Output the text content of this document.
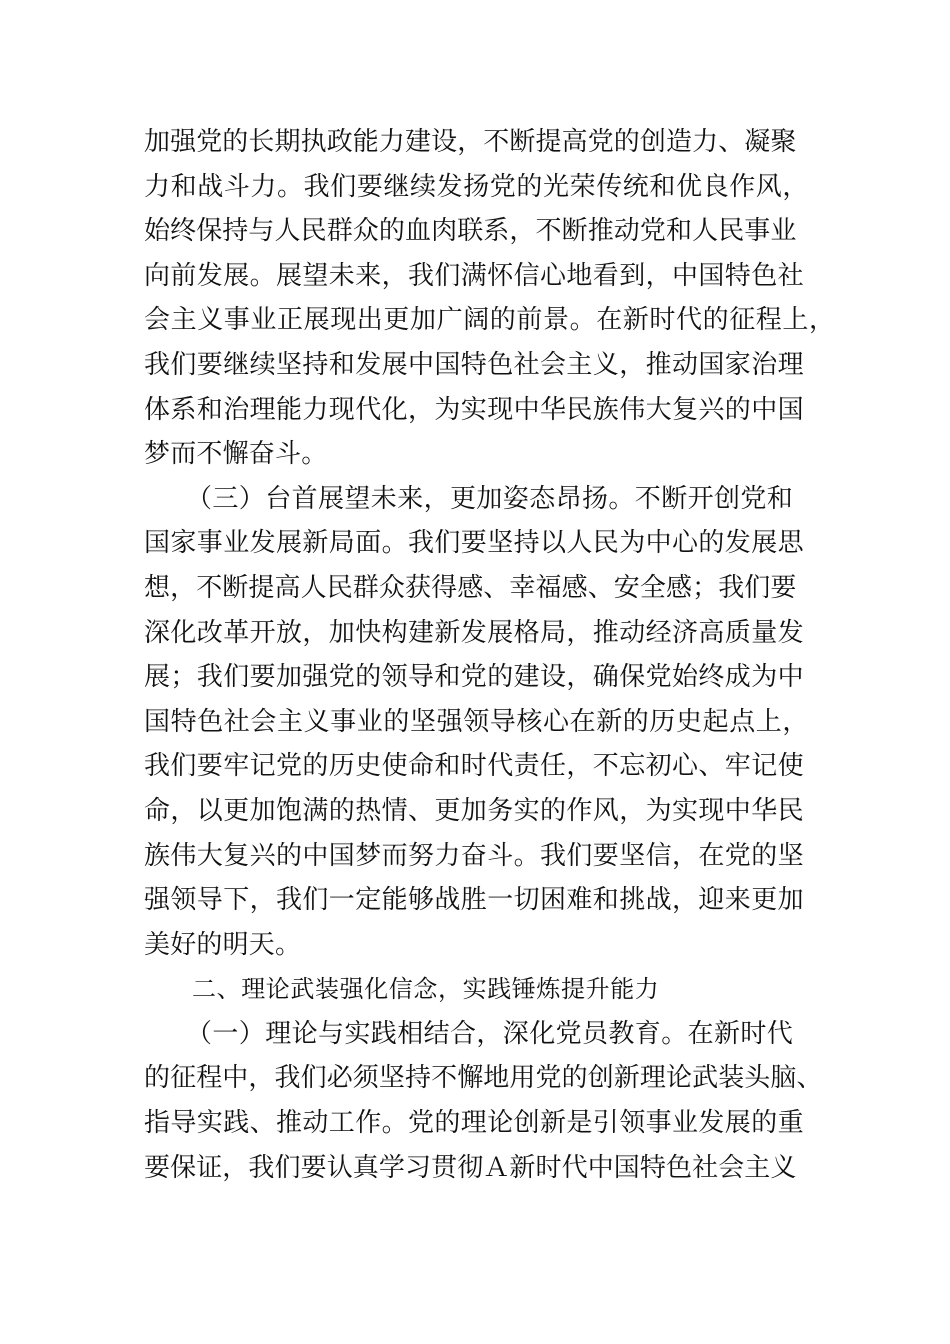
加强党的长期执政能力建设，不断提高党的创造力、凝聚
力和战斗力。我们要继续发扬党的光荣传统和优良作风，
始终保持与人民群众的血肉联系，不断推动党和人民事业
向前发展。展望未来，我们满怀信心地看到，中国特色社
会主义事业正展现出更加广阔的前景。在新时代的征程上，
我们要继续坚持和发展中国特色社会主义，推动国家治理
体系和治理能力现代化，为实现中华民族伟大复兴的中国
梦而不懈奋斗。
（三）台首展望未来，更加姿态昂扬。不断开创党和
国家事业发展新局面。我们要坚持以人民为中心的发展思
想，不断提高人民群众获得感、幸福感、安全感；我们要
深化改革开放，加快构建新发展格局，推动经济高质量发
展；我们要加强党的领导和党的建设，确保党始终成为中
国特色社会主义事业的坚强领导核心在新的历史起点上，
我们要牢记党的历史使命和时代责任，不忘初心、牢记使
命，以更加饱满的热情、更加务实的作风，为实现中华民
族伟大复兴的中国梦而努力奋斗。我们要坚信，在党的坚
强领导下，我们一定能够战胜一切困难和挑战，迎来更加
美好的明天。
二、理论武装强化信念，实践锤炼提升能力
（一）理论与实践相结合，深化党员教育。在新时代
的征程中，我们必须坚持不懈地用党的创新理论武装头脑、
指导实践、推动工作。党的理论创新是引领事业发展的重
要保证，我们要认真学习贯彻Ａ新时代中国特色社会主义
